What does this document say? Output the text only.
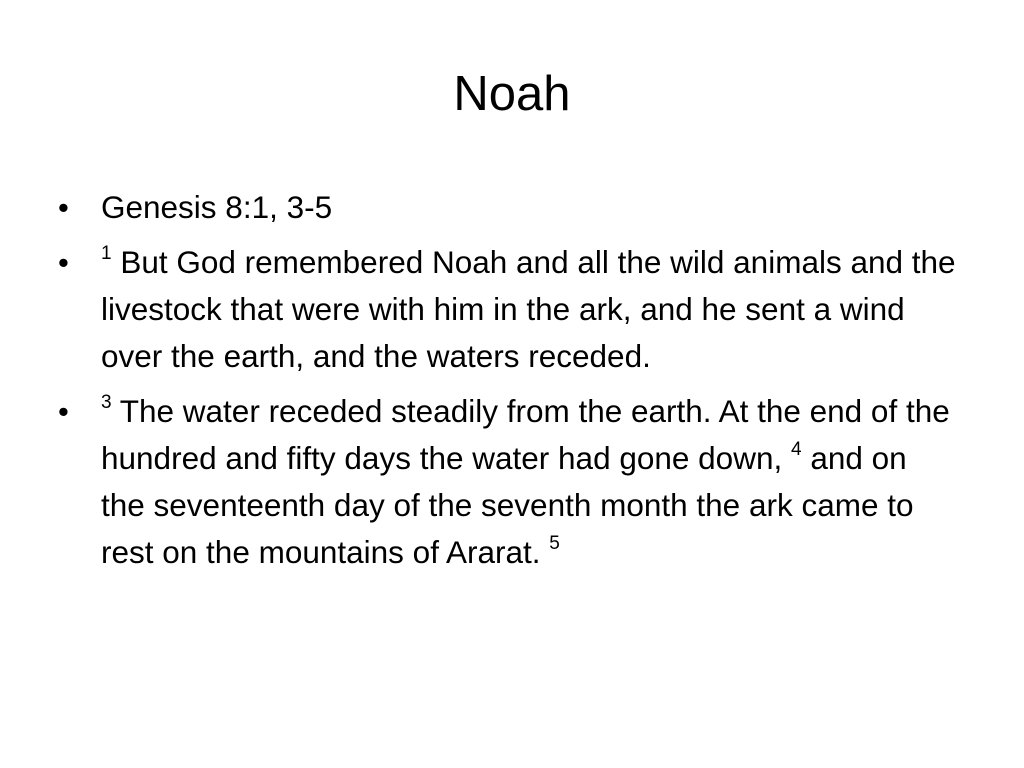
Noah
• Genesis 8:1, 3-5
•	$^1$ But God remembered Noah and all the wild animals and the livestock that were with him in the ark, and he sent a wind over the earth, and the waters receded.
•	$^3$ The water receded steadily from the earth. At the end of the hundred and fifty days the water had gone down, $^4$ and on the seventeenth day of the seventh month the ark came to rest on the mountains of Ararat. $^5$
